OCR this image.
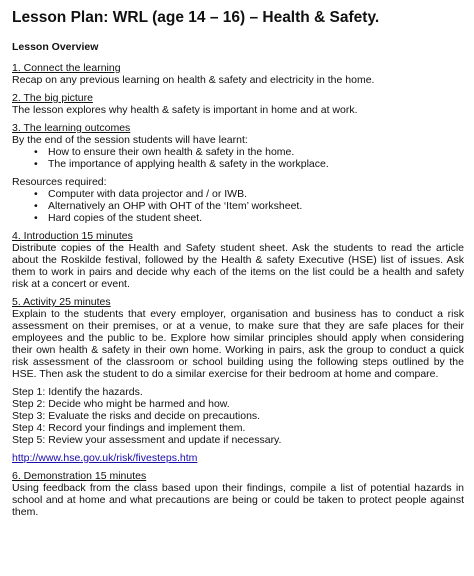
Lesson Plan: WRL (age 14 – 16) – Health & Safety.
Lesson Overview
1. Connect the learning
Recap on any previous learning on health & safety and electricity in the home.
2. The big picture
The lesson explores why health & safety is important in home and at work.
3. The learning outcomes
By the end of the session students will have learnt:
• How to ensure their own health & safety in the home.
• The importance of applying health & safety in the workplace.
Resources required:
• Computer with data projector and / or IWB.
• Alternatively an OHP with OHT of the ‘Item’ worksheet.
• Hard copies of the student sheet.
4. Introduction 15 minutes
Distribute copies of the Health and Safety student sheet. Ask the students to read the article about the Roskilde festival, followed by the Health & safety Executive (HSE) list of issues. Ask them to work in pairs and decide why each of the items on the list could be a health and safety risk at a concert or event.
5. Activity 25 minutes
Explain to the students that every employer, organisation and business has to conduct a risk assessment on their premises, or at a venue, to make sure that they are safe places for their employees and the public to be. Explore how similar principles should apply when considering their own health & safety in their own home. Working in pairs, ask the group to conduct a quick risk assessment of the classroom or school building using the following steps outlined by the HSE. Then ask the student to do a similar exercise for their bedroom at home and compare.
Step 1: Identify the hazards.
Step 2: Decide who might be harmed and how.
Step 3: Evaluate the risks and decide on precautions.
Step 4: Record your findings and implement them.
Step 5: Review your assessment and update if necessary.
http://www.hse.gov.uk/risk/fivesteps.htm
6. Demonstration 15 minutes
Using feedback from the class based upon their findings, compile a list of potential hazards in school and at home and what precautions are being or could be taken to protect people against them.
